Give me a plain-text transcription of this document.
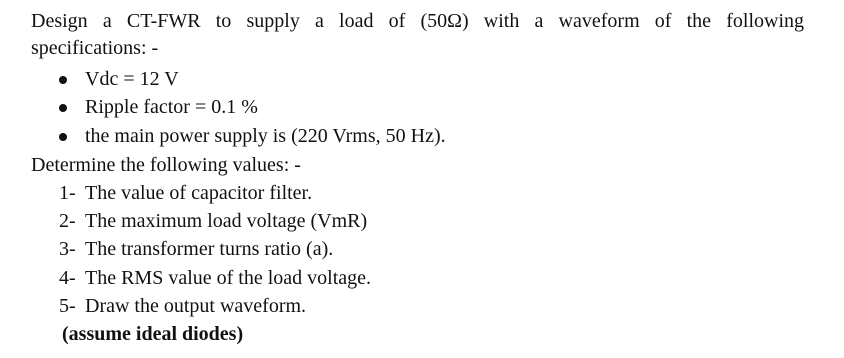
Design a CT-FWR to supply a load of (50Ω) with a waveform of the following
specifications: -
Vdc = 12 V
Ripple factor = 0.1 %
the main power supply is (220 Vrms, 50 Hz).
Determine the following values: -
1- The value of capacitor filter.
2- The maximum load voltage (VmR)
3- The transformer turns ratio (a).
4- The RMS value of the load voltage.
5- Draw the output waveform.
(assume ideal diodes)
